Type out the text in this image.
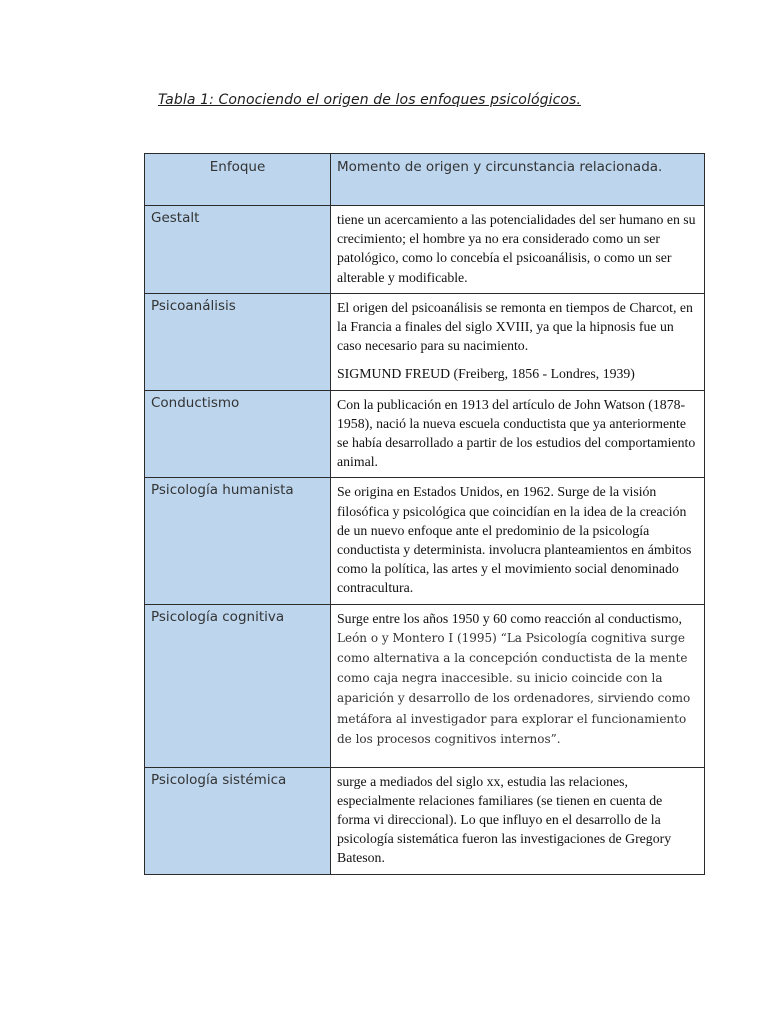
Tabla 1: Conociendo el origen de los enfoques psicológicos.
Enfoque	Momento de origen y circunstancia relacionada.
Gestalt	tiene un acercamiento a las potencialidades del ser humano en su crecimiento; el hombre ya no era considerado como un ser patológico, como lo concebía el psicoanálisis, o como un ser alterable y modificable.

Psicoanálisis	El origen del psicoanálisis se remonta en tiempos de Charcot, en la Francia a finales del siglo XVIII, ya que la hipnosis fue un caso necesario para su nacimiento.

SIGMUND FREUD (Freiberg, 1856 - Londres, 1939)

Conductismo	Con la publicación en 1913 del artículo de John Watson (1878-1958), nació la nueva escuela conductista que ya anteriormente se había desarrollado a partir de los estudios del comportamiento animal.

Psicología humanista	Se origina en Estados Unidos, en 1962. Surge de la visión filosófica y psicológica que coincidían en la idea de la creación de un nuevo enfoque ante el predominio de la psicología conductista y determinista. involucra planteamientos en ámbitos como la política, las artes y el movimiento social denominado contracultura.

Psicología cognitiva	Surge entre los años 1950 y 60 como reacción al conductismo, León o y Montero I (1995) “La Psicología cognitiva surge como alternativa a la concepción conductista de la mente como caja negra inaccesible. su inicio coincide con la aparición y desarrollo de los ordenadores, sirviendo como metáfora al investigador para explorar el funcionamiento de los procesos cognitivos internos”.

Psicología sistémica	surge a mediados del siglo xx, estudia las relaciones, especialmente relaciones familiares (se tienen en cuenta de forma vi direccional). Lo que influyo en el desarrollo de la psicología sistemática fueron las investigaciones de Gregory Bateson.
